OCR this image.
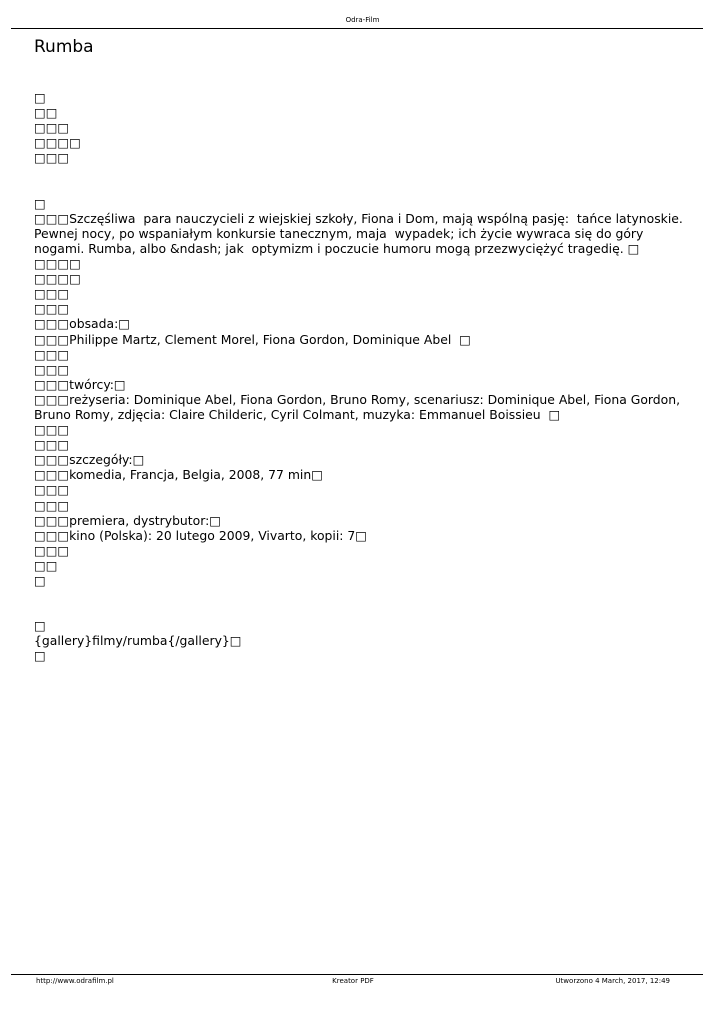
Odra-Film
Rumba
□
□□
□□□
□□□□
□□□

□
□□□Szczęśliwa  para nauczycieli z wiejskiej szkoły, Fiona i Dom, mają wspólną pasję:  tańce latynoskie. Pewnej nocy, po wspaniałym konkursie tanecznym, maja  wypadek; ich życie wywraca się do góry nogami. Rumba, albo &ndash; jak  optymizm i poczucie humoru mogą przezwyciężyć tragedię. □
□□□□
□□□□
□□□
□□□
□□□obsada:□
□□□Philippe Martz, Clement Morel, Fiona Gordon, Dominique Abel  □
□□□
□□□
□□□twórcy:□
□□□reżyseria: Dominique Abel, Fiona Gordon, Bruno Romy, scenariusz: Dominique Abel, Fiona Gordon, Bruno Romy, zdjęcia: Claire Childeric, Cyril Colmant, muzyka: Emmanuel Boissieu  □
□□□
□□□
□□□szczegóły:□
□□□komedia, Francja, Belgia, 2008, 77 min□
□□□
□□□
□□□premiera, dystrybutor:□
□□□kino (Polska): 20 lutego 2009, Vivarto, kopii: 7□
□□□
□□
□

□
{gallery}filmy/rumba{/gallery}□
□
http://www.odrafilm.pl	Kreator PDF	Utworzono 4 March, 2017, 12:49
